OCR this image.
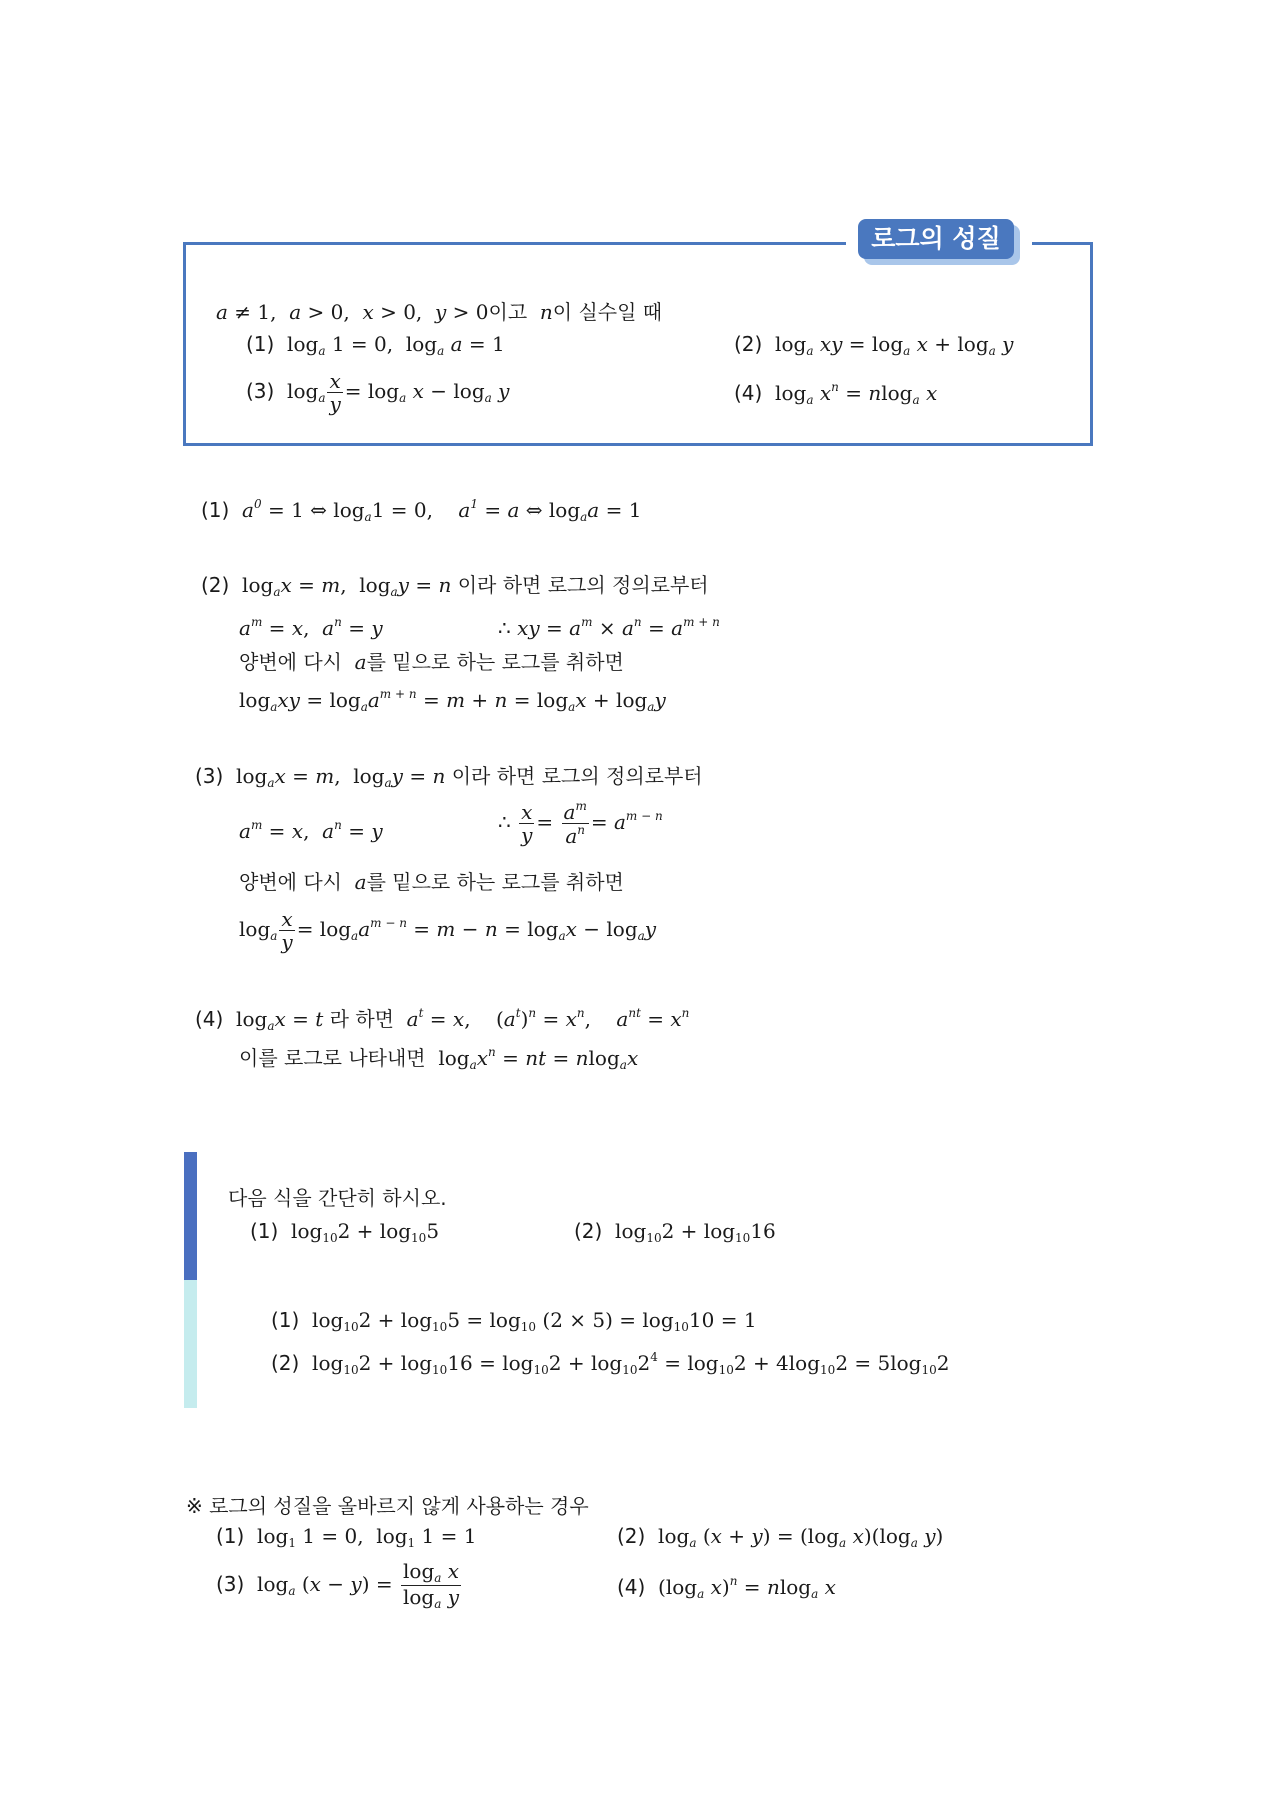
로그의 성질
a ≠ 1,  a > 0,  x > 0,  y > 0이고  n이 실수일 때
(1)  $\log_a 1 = 0$,  $\log_a a = 1$	(2)  $\log_a$ xy = $\log_a x + \log_a y$
(3)  $\log_a \frac{x}{y} = \log_a x - \log_a y$	(4)  $\log_a x^n = nlog_a$ x
(1)  $a^0 = 1$ ⇔ $\log_a1 = 0$,    $a^1 = a$ ⇔ $\log_aa = 1$
(2)  $\log_ax = m$,  $\log_ay = n$ 이라 하면 로그의 정의로부터
$a^m = x$,  $a^n = y$	∴ xy = $a^m \times a^n = a^{m + n}$
양변에 다시  a를 밑으로 하는 로그를 취하면
$\log_axy = \log_aa^{m + n} = m + n = \log_ax + \log_ay$
(3)  $\log_ax = m$,  $\log_ay = n$ 이라 하면 로그의 정의로부터
$a^m = x$,  $a^n = y$	∴ $\frac{x}{y} = \frac{a^m}{a^n} = a^{m - n}$
양변에 다시  a를 밑으로 하는 로그를 취하면
$\log_a \frac{x}{y} = \log_aa^{m - n} = m - n = \log_ax - \log_ay$
(4)  $\log_ax = t$ 라 하면  $a^t = x$,    $(a^t)^n = x^n$,    $a^{nt} = x^n$
이를 로그로 나타내면  $\log_ax^n$ = nt = nlog$_a$x
다음 식을 간단히 하시오.
(1)  $\log_{10}2 + \log_{10}5$	(2)  $\log_{10}2 + \log_{10}16$
(1)  $\log_{10}2 + \log_{10}5 = \log_{10} (2 \times 5) = \log_{10}10 = 1$
(2)  $\log_{10}2 + \log_{10}16 = \log_{10}2 + \log_{10}2^4 = \log_{10}2 + 4\log_{10}2 = 5\log_{10}2$
※ 로그의 성질을 올바르지 않게 사용하는 경우
(1)  $\log_1 1 = 0$,  $\log_1 1 = 1$	(2)  $\log_a (x + y) = (\log_a$ $x)(\log_a$ y)
(3)  $\log_a (x - y) = \frac{\log_a x}{\log_a y}$	(4)  ($\log_a$ x)$^n$ = nlog$_a$ x
